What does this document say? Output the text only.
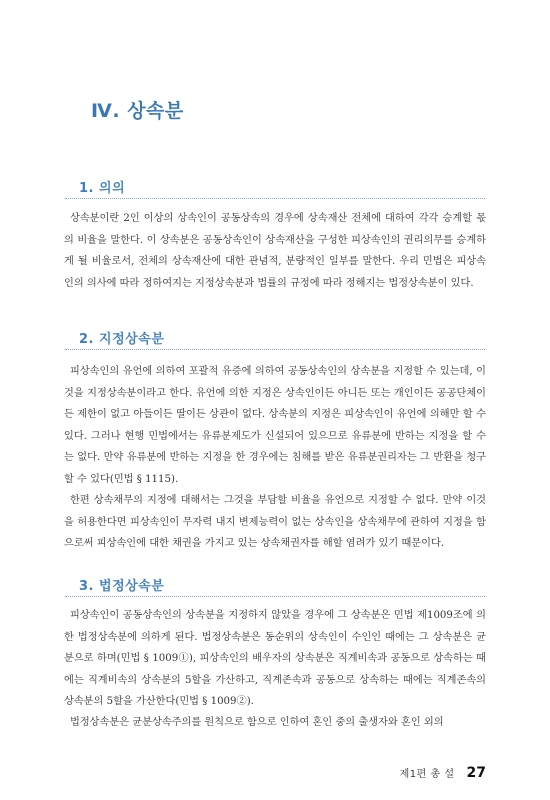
Ⅳ. 상속분
1. 의의

상속분이란 2인 이상의 상속인이 공동상속의 경우에 상속재산 전체에 대하여 각각 승계할 몫의 비율을 말한다. 이 상속분은 공동상속인이 상속재산을 구성한 피상속인의 권리의무를 승계하게 될 비율로서, 전체의 상속재산에 대한 관념적, 분량적인 일부를 말한다. 우리 민법은 피상속인의 의사에 따라 정하여지는 지정상속분과 법률의 규정에 따라 정해지는 법정상속분이 있다.

2. 지정상속분

피상속인의 유언에 의하여 포괄적 유증에 의하여 공동상속인의 상속분을 지정할 수 있는데, 이것을 지정상속분이라고 한다. 유언에 의한 지정은 상속인이든 아니든 또는 개인이든 공공단체이든 제한이 없고 아들이든 딸이든 상관이 없다. 상속분의 지정은 피상속인이 유언에 의해만 할 수 있다. 그러나 현행 민법에서는 유류분제도가 신설되어 있으므로 유류분에 반하는 지정을 할 수는 없다. 만약 유류분에 반하는 지정을 한 경우에는 침해를 받은 유류분권리자는 그 반환을 청구할 수 있다(민법 § 1115).

한편 상속채무의 지정에 대해서는 그것을 부담할 비율을 유언으로 지정할 수 없다. 만약 이것을 허용한다면 피상속인이 무자력 내지 변제능력이 없는 상속인을 상속채무에 관하여 지정을 함으로써 피상속인에 대한 채권을 가지고 있는 상속채권자를 해할 염려가 있기 때문이다.

3. 법정상속분

피상속인이 공동상속인의 상속분을 지정하지 않았을 경우에 그 상속분은 민법 제1009조에 의한 법정상속분에 의하게 된다. 법정상속분은 동순위의 상속인이 수인인 때에는 그 상속분은 균분으로 하며(민법 § 1009①), 피상속인의 배우자의 상속분은 직계비속과 공동으로 상속하는 때에는 직계비속의 상속분의 5할을 가산하고, 직계존속과 공동으로 상속하는 때에는 직계존속의 상속분의 5할을 가산한다(민법 § 1009②).

법정상속분은 균분상속주의를 원칙으로 함으로 인하여 혼인 중의 출생자와 혼인 외의

제1편 총 설 27
